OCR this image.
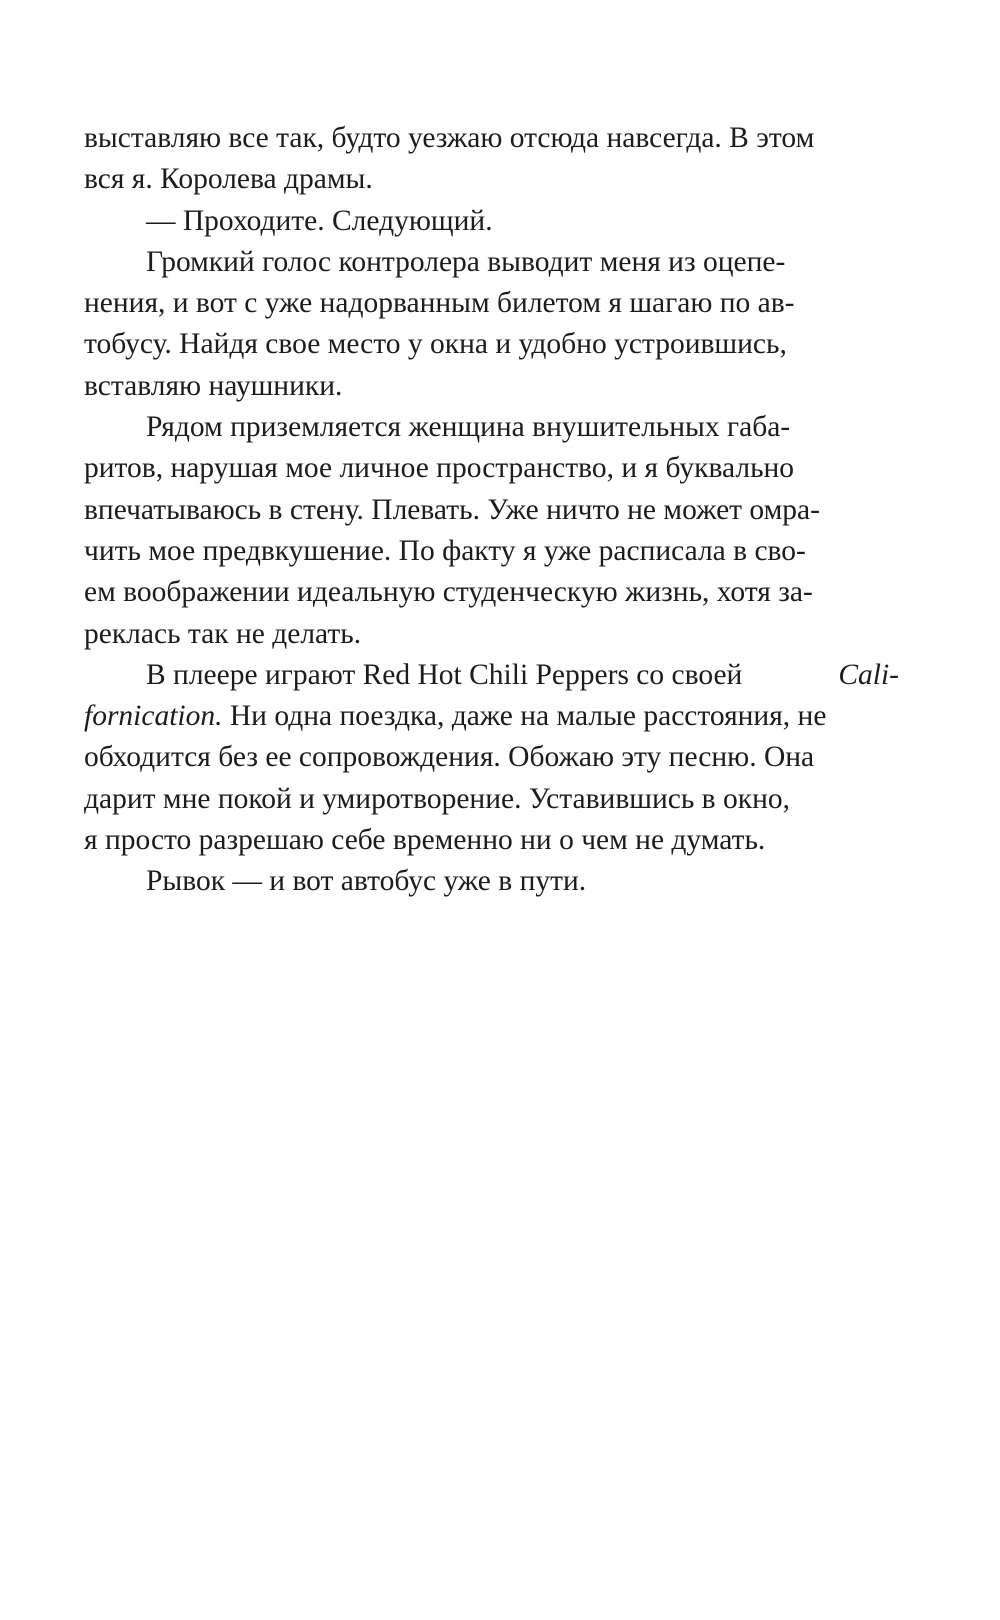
выставляю все так, будто уезжаю отсюда навсегда. В этом
вся я. Королева драмы.
— Проходите. Следующий.
Громкий голос контролера выводит меня из оцепе-
нения, и вот с уже надорванным билетом я шагаю по ав-
тобусу. Найдя свое место у окна и удобно устроившись,
вставляю наушники.
Рядом приземляется женщина внушительных габа-
ритов, нарушая мое личное пространство, и я буквально
впечатываюсь в стену. Плевать. Уже ничто не может омра-
чить мое предвкушение. По факту я уже расписала в сво-
ем воображении идеальную студенческую жизнь, хотя за-
реклась так не делать.
В плеере играют Red Hot Chili Peppers со своей	Cali-
fornication. Ни одна поездка, даже на малые расстояния, не
обходится без ее сопровождения. Обожаю эту песню. Она
дарит мне покой и умиротворение. Уставившись в окно,
я просто разрешаю себе временно ни о чем не думать.
Рывок — и вот автобус уже в пути.
